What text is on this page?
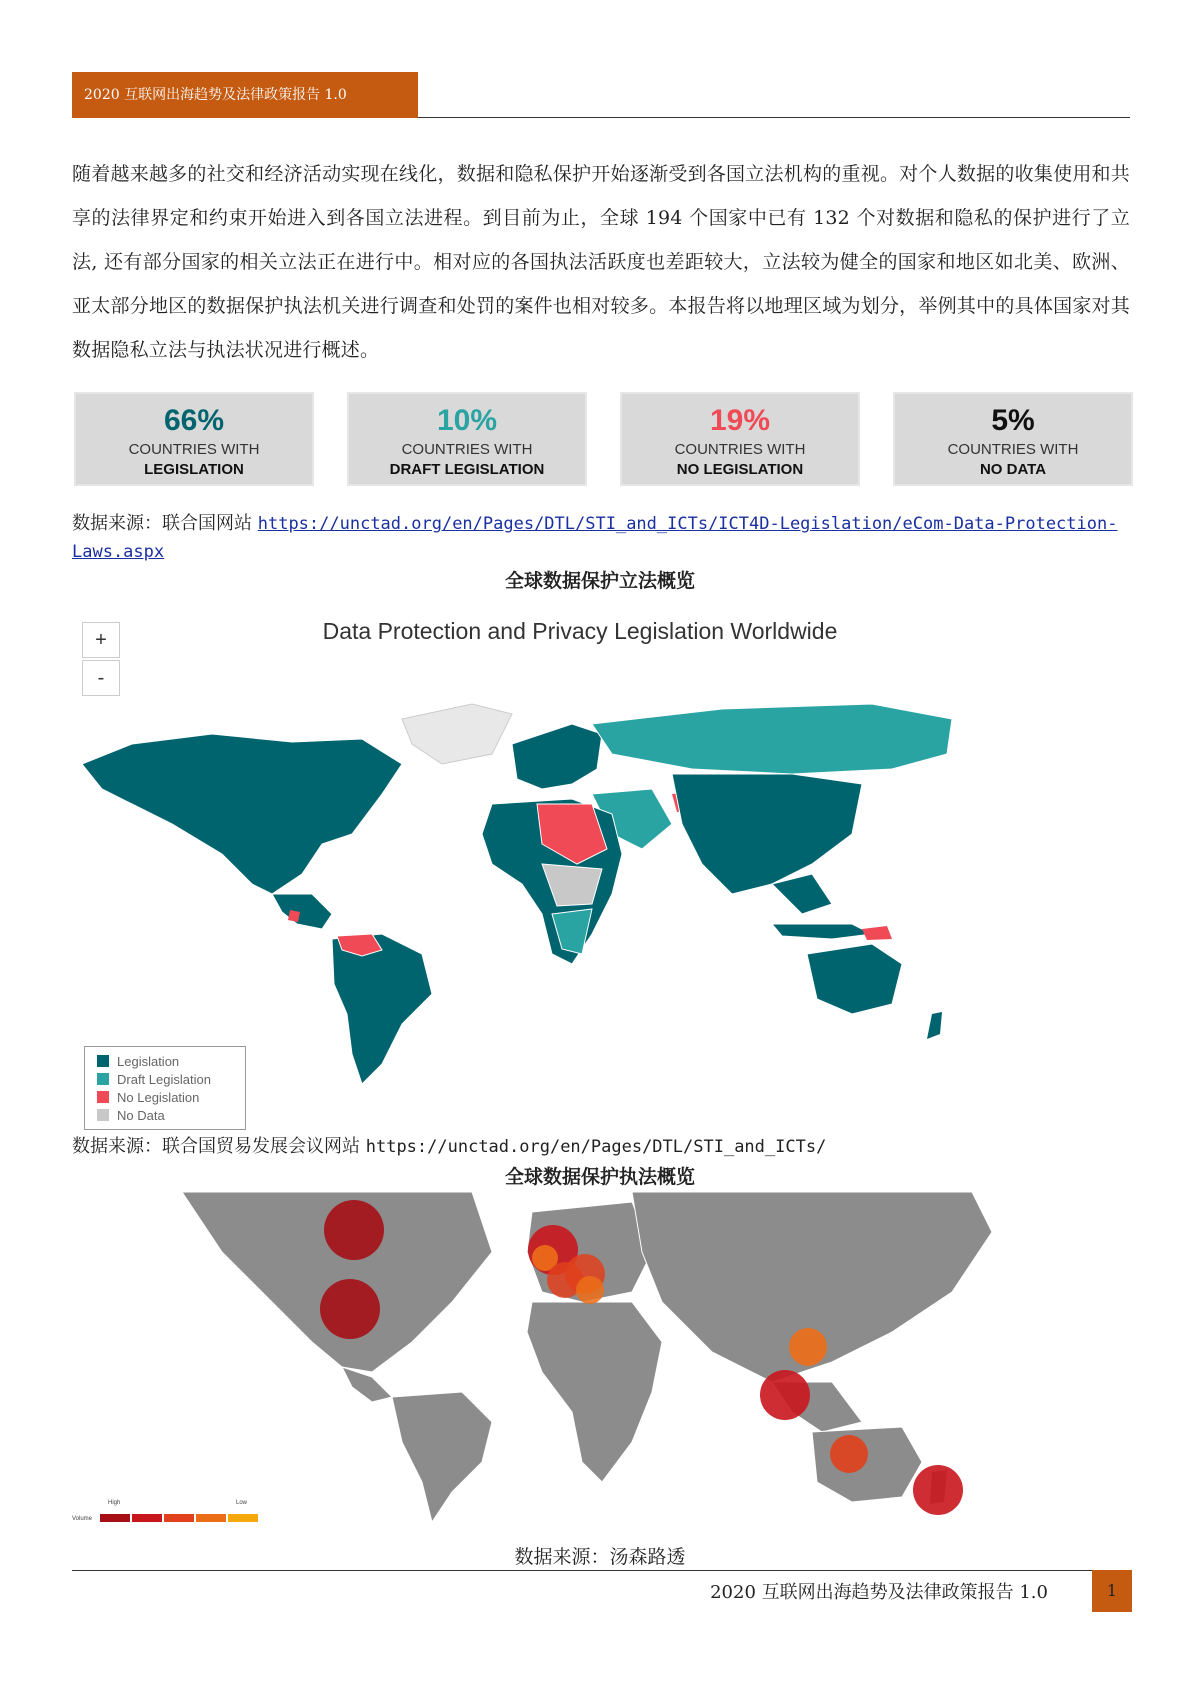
2020 互联网出海趋势及法律政策报告 1.0
随着越来越多的社交和经济活动实现在线化，数据和隐私保护开始逐渐受到各国立法机构的重视。对个人数据的收集使用和共享的法律界定和约束开始进入到各国立法进程。到目前为止，全球 194 个国家中已有 132 个对数据和隐私的保护进行了立法, 还有部分国家的相关立法正在进行中。相对应的各国执法活跃度也差距较大，立法较为健全的国家和地区如北美、欧洲、亚太部分地区的数据保护执法机关进行调查和处罚的案件也相对较多。本报告将以地理区域为划分，举例其中的具体国家对其数据隐私立法与执法状况进行概述。
66%
COUNTRIES WITH
LEGISLATION
10%
COUNTRIES WITH
DRAFT LEGISLATION
19%
COUNTRIES WITH
NO LEGISLATION
5%
COUNTRIES WITH
NO DATA
数据来源：联合国网站 https://unctad.org/en/Pages/DTL/STI_and_ICTs/ICT4D-Legislation/eCom-Data-Protection-Laws.aspx
全球数据保护立法概览
Data Protection and Privacy Legislation Worldwide
+
-
Legislation
Draft Legislation
No Legislation
No Data
数据来源：联合国贸易发展会议网站 https://unctad.org/en/Pages/DTL/STI_and_ICTs/
全球数据保护执法概览
High	Low
Volume
数据来源：汤森路透
2020 互联网出海趋势及法律政策报告 1.0	1
